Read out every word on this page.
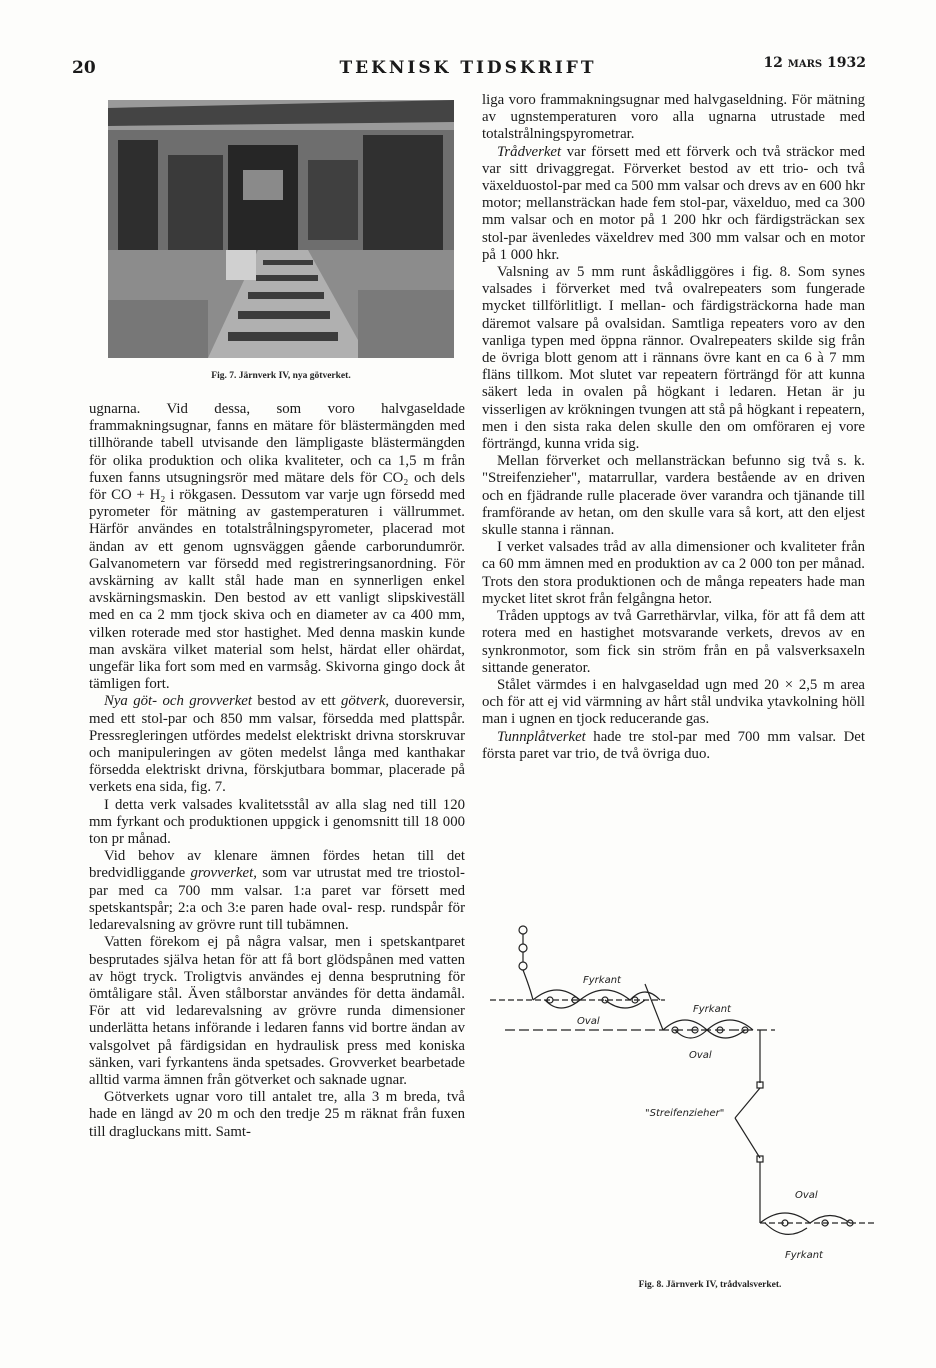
20	TEKNISK TIDSKRIFT	12 mars 1932
Fig. 7. Järnverk IV, nya götverket.

ugnarna. Vid dessa, som voro halvgaseldade frammakningsugnar, fanns en mätare för blästermängden med tillhörande tabell utvisande den lämpligaste blästermängden för olika produktion och olika kvaliteter, och ca 1,5 m från fuxen fanns utsugningsrör med mätare dels för CO₂ och dels för CO + H₂ i rökgasen. Dessutom var varje ugn försedd med pyrometer för mätning av gastemperaturen i vällrummet. Härför användes en totalstrålningspyrometer, placerad mot ändan av ett genom ugnsväggen gående carborundumrör. Galvanometern var försedd med registreringsanordning. För avskärning av kallt stål hade man en synnerligen enkel avskärningsmaskin. Den bestod av ett vanligt slipskiveställ med en ca 2 mm tjock skiva och en diameter av ca 400 mm, vilken roterade med stor hastighet. Med denna maskin kunde man avskära vilket material som helst, härdat eller ohärdat, ungefär lika fort som med en varmsåg. Skivorna gingo dock åt tämligen fort.

Nya göt- och grovverket bestod av ett götverk, duoreversir, med ett stol-par och 850 mm valsar, försedda med plattspår. Pressregleringen utfördes medelst elektriskt drivna storskruvar och manipuleringen av göten medelst långa med kanthakar försedda elektriskt drivna, förskjutbara bommar, placerade på verkets ena sida, fig. 7.

I detta verk valsades kvalitetsstål av alla slag ned till 120 mm fyrkant och produktionen uppgick i genomsnitt till 18 000 ton pr månad.

Vid behov av klenare ämnen fördes hetan till det bredvidliggande grovverket, som var utrustat med tre triostol-par med ca 700 mm valsar. 1:a paret var försett med spetskantspår; 2:a och 3:e paren hade oval- resp. rundspår för ledarevalsning av grövre runt till tubämnen.

Vatten förekom ej på några valsar, men i spetskantparet besprutades själva hetan för att få bort glödspånen med vatten av högt tryck. Troligtvis användes ej denna besprutning för ömtåligare stål. Även stålborstar användes för detta ändamål. För att vid ledarevalsning av grövre runda dimensioner underlätta hetans införande i ledaren fanns vid bortre ändan av valsgolvet på färdigsidan en hydraulisk press med koniska sänken, vari fyrkantens ända spetsades. Grovverket bearbetade alltid varma ämnen från götverket och saknade ugnar.

Götverkets ugnar voro till antalet tre, alla 3 m breda, två hade en längd av 20 m och den tredje 25 m räknat från fuxen till dragluckans mitt. Samt-

liga voro frammakningsugnar med halvgaseldning. För mätning av ugnstemperaturen voro alla ugnarna utrustade med totalstrålningspyrometrar.

Trådverket var försett med ett förverk och två sträckor med var sitt drivaggregat. Förverket bestod av ett trio- och två växelduostol-par med ca 500 mm valsar och drevs av en 600 hkr motor; mellansträckan hade fem stol-par, växelduo, med ca 300 mm valsar och en motor på 1 200 hkr och färdigsträckan sex stol-par ävenledes växeldrev med 300 mm valsar och en motor på 1 000 hkr.

Valsning av 5 mm runt åskådliggöres i fig. 8. Som synes valsades i förverket med två ovalrepeaters som fungerade mycket tillförlitligt. I mellan- och färdigsträckorna hade man däremot valsare på ovalsidan. Samtliga repeaters voro av den vanliga typen med öppna rännor. Ovalrepeaters skilde sig från de övriga blott genom att i rännans övre kant en ca 6 à 7 mm fläns tillkom. Mot slutet var repeatern förträngd för att kunna säkert leda in ovalen på högkant i ledaren. Hetan är ju visserligen av krökningen tvungen att stå på högkant i repeatern, men i den sista raka delen skulle den om omföraren ej vore förträngd, kunna vrida sig.

Mellan förverket och mellansträckan befunno sig två s. k. "Streifenzieher", matarrullar, vardera bestående av en driven och en fjädrande rulle placerade över varandra och tjänande till framförande av hetan, om den skulle vara så kort, att den eljest skulle stanna i rännan.

I verket valsades tråd av alla dimensioner och kvaliteter från ca 60 mm ämnen med en produktion av ca 2 000 ton per månad. Trots den stora produktionen och de många repeaters hade man mycket litet skrot från felgångna hetor.

Tråden upptogs av två Garrethärvlar, vilka, för att få dem att rotera med en hastighet motsvarande verkets, drevos av en synkronmotor, som fick sin ström från en på valsverksaxeln sittande generator.

Stålet värmdes i en halvgaseldad ugn med 20 × 2,5 m area och för att ej vid värmning av hårt stål undvika ytavkolning höll man i ugnen en tjock reducerande gas.

Tunnplåtverket hade tre stol-par med 700 mm valsar. Det första paret var trio, de två övriga duo.

Fyrkant
Oval
Fyrkant
Oval
"Streifenzieher"
Oval
Fyrkant
Fig. 8. Järnverk IV, trådvalsverket.
